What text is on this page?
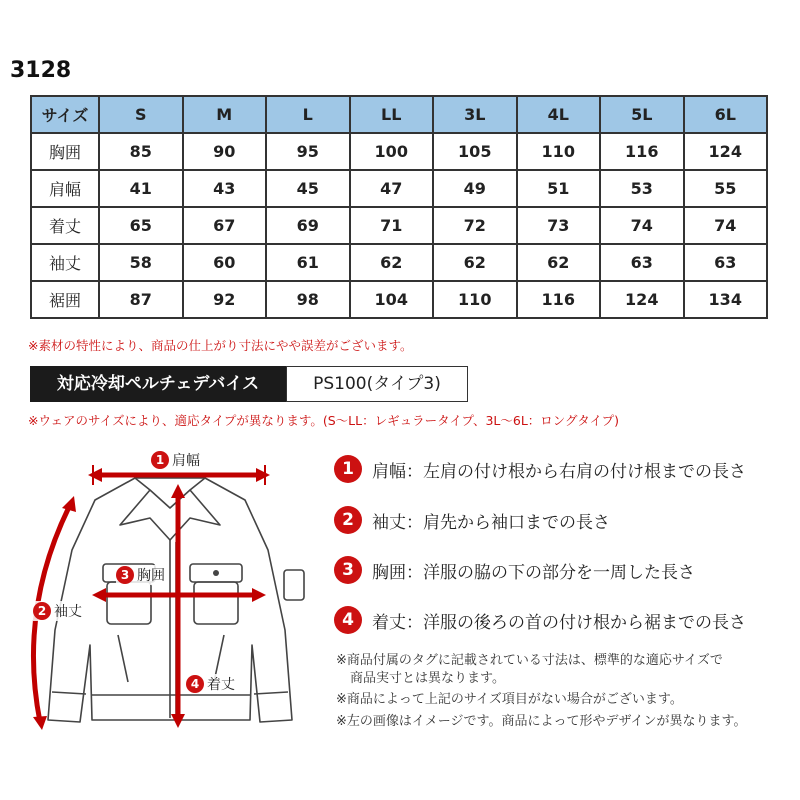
3128
サイズ	S	M	L	LL	3L	4L	5L	6L
胸囲	85	90	95	100	105	110	116	124
肩幅	41	43	45	47	49	51	53	55
着丈	65	67	69	71	72	73	74	74
袖丈	58	60	61	62	62	62	63	63
裾囲	87	92	98	104	110	116	124	134
※素材の特性により、商品の仕上がり寸法にやや誤差がございます。
対応冷却ペルチェデバイス	PS100(タイプ3)
※ウェアのサイズにより、適応タイプが異なります。(S〜LL：レギュラータイプ、3L〜6L：ロングタイプ)
1 肩幅
2 袖丈
3 胸囲
4 着丈
1	肩幅：左肩の付け根から右肩の付け根までの長さ
2	袖丈：肩先から袖口までの長さ
3	胸囲：洋服の脇の下の部分を一周した長さ
4	着丈：洋服の後ろの首の付け根から裾までの長さ
※商品付属のタグに記載されている寸法は、標準的な適応サイズで
商品実寸とは異なります。
※商品によって上記のサイズ項目がない場合がございます。
※左の画像はイメージです。商品によって形やデザインが異なります。
